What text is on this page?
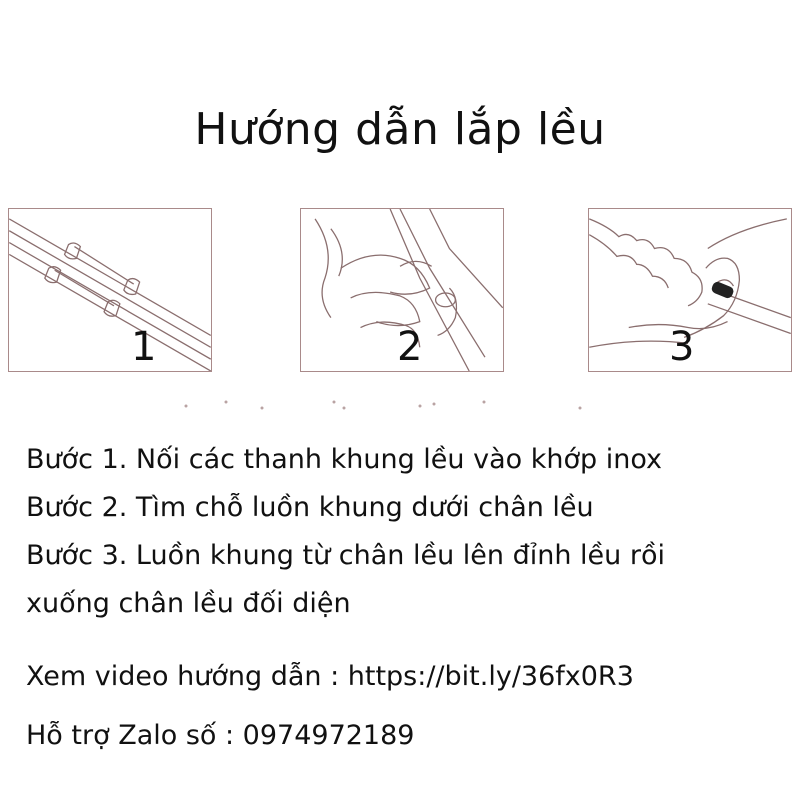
Hướng dẫn lắp lều
1	2	3
Bước 1. Nối các thanh khung lều vào khớp inox
Bước 2. Tìm chỗ luồn khung dưới chân lều
Bước 3. Luồn khung từ chân lều lên đỉnh lều rồi
xuống chân lều đối diện

Xem video hướng dẫn : https://bit.ly/36fx0R3

Hỗ trợ Zalo số : 0974972189
